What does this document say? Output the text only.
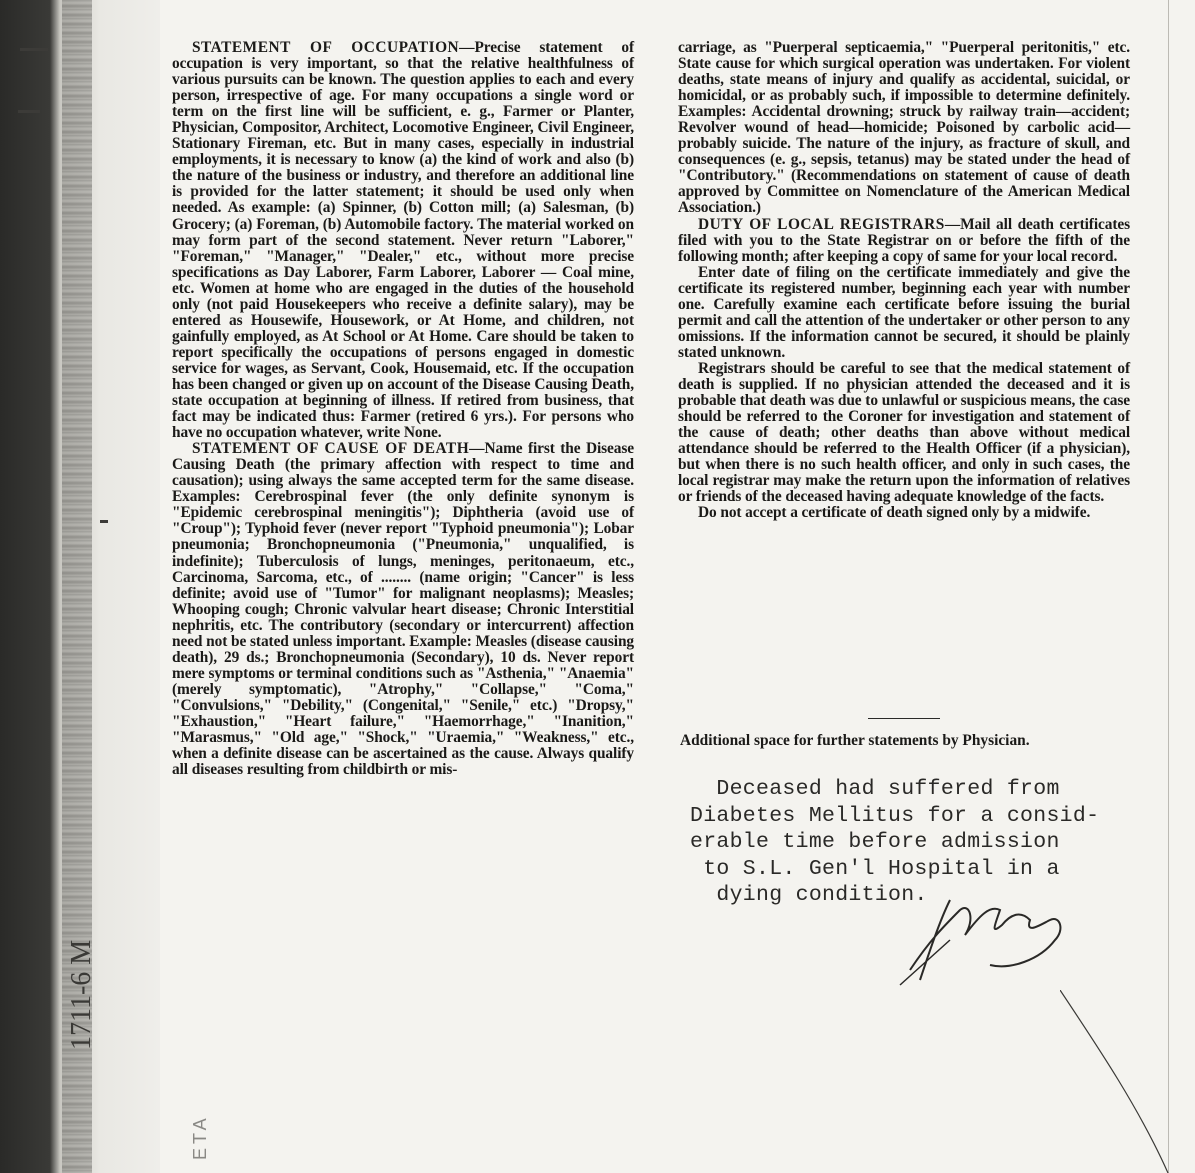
1711-6 M
ETA

STATEMENT OF OCCUPATION—Precise statement of occupation is very important, so that the relative healthfulness of various pursuits can be known. The question applies to each and every person, irrespective of age. For many occupations a single word or term on the first line will be sufficient, e. g., Farmer or Planter, Physician, Compositor, Architect, Locomotive Engineer, Civil Engineer, Stationary Fireman, etc. But in many cases, especially in industrial employments, it is necessary to know (a) the kind of work and also (b) the nature of the business or industry, and therefore an additional line is provided for the latter statement; it should be used only when needed. As example: (a) Spinner, (b) Cotton mill; (a) Salesman, (b) Grocery; (a) Foreman, (b) Automobile factory. The material worked on may form part of the second statement. Never return "Laborer," "Foreman," "Manager," "Dealer," etc., without more precise specifications as Day Laborer, Farm Laborer, Laborer — Coal mine, etc. Women at home who are engaged in the duties of the household only (not paid Housekeepers who receive a definite salary), may be entered as Housewife, Housework, or At Home, and children, not gainfully employed, as At School or At Home. Care should be taken to report specifically the occupations of persons engaged in domestic service for wages, as Servant, Cook, Housemaid, etc. If the occupation has been changed or given up on account of the Disease Causing Death, state occupation at beginning of illness. If retired from business, that fact may be indicated thus: Farmer (retired 6 yrs.). For persons who have no occupation whatever, write None.

STATEMENT OF CAUSE OF DEATH—Name first the Disease Causing Death (the primary affection with respect to time and causation); using always the same accepted term for the same disease. Examples: Cerebrospinal fever (the only definite synonym is "Epidemic cerebrospinal meningitis"); Diphtheria (avoid use of "Croup"); Typhoid fever (never report "Typhoid pneumonia"); Lobar pneumonia; Bronchopneumonia ("Pneumonia," unqualified, is indefinite); Tuberculosis of lungs, meninges, peritonaeum, etc., Carcinoma, Sarcoma, etc., of ........ (name origin; "Cancer" is less definite; avoid use of "Tumor" for malignant neoplasms); Measles; Whooping cough; Chronic valvular heart disease; Chronic Interstitial nephritis, etc. The contributory (secondary or intercurrent) affection need not be stated unless important. Example: Measles (disease causing death), 29 ds.; Bronchopneumonia (Secondary), 10 ds. Never report mere symptoms or terminal conditions such as "Asthenia," "Anaemia" (merely symptomatic), "Atrophy," "Collapse," "Coma," "Convulsions," "Debility," (Congenital," "Senile," etc.) "Dropsy," "Exhaustion," "Heart failure," "Haemorrhage," "Inanition," "Marasmus," "Old age," "Shock," "Uraemia," "Weakness," etc., when a definite disease can be ascertained as the cause. Always qualify all diseases resulting from childbirth or mis-

carriage, as "Puerperal septicaemia," "Puerperal peritonitis," etc. State cause for which surgical operation was undertaken. For violent deaths, state means of injury and qualify as accidental, suicidal, or homicidal, or as probably such, if impossible to determine definitely. Examples: Accidental drowning; struck by railway train—accident; Revolver wound of head—homicide; Poisoned by carbolic acid—probably suicide. The nature of the injury, as fracture of skull, and consequences (e. g., sepsis, tetanus) may be stated under the head of "Contributory." (Recommendations on statement of cause of death approved by Committee on Nomenclature of the American Medical Association.)

DUTY OF LOCAL REGISTRARS—Mail all death certificates filed with you to the State Registrar on or before the fifth of the following month; after keeping a copy of same for your local record.

Enter date of filing on the certificate immediately and give the certificate its registered number, beginning each year with number one. Carefully examine each certificate before issuing the burial permit and call the attention of the undertaker or other person to any omissions. If the information cannot be secured, it should be plainly stated unknown.

Registrars should be careful to see that the medical statement of death is supplied. If no physician attended the deceased and it is probable that death was due to unlawful or suspicious means, the case should be referred to the Coroner for investigation and statement of the cause of death; other deaths than above without medical attendance should be referred to the Health Officer (if a physician), but when there is no such health officer, and only in such cases, the local registrar may make the return upon the information of relatives or friends of the deceased having adequate knowledge of the facts.

Do not accept a certificate of death signed only by a midwife.

Additional space for further statements by Physician.
Deceased had suffered from
Diabetes Mellitus for a consid-
erable time before admission
to S.L. Gen'l Hospital in a
dying condition.
